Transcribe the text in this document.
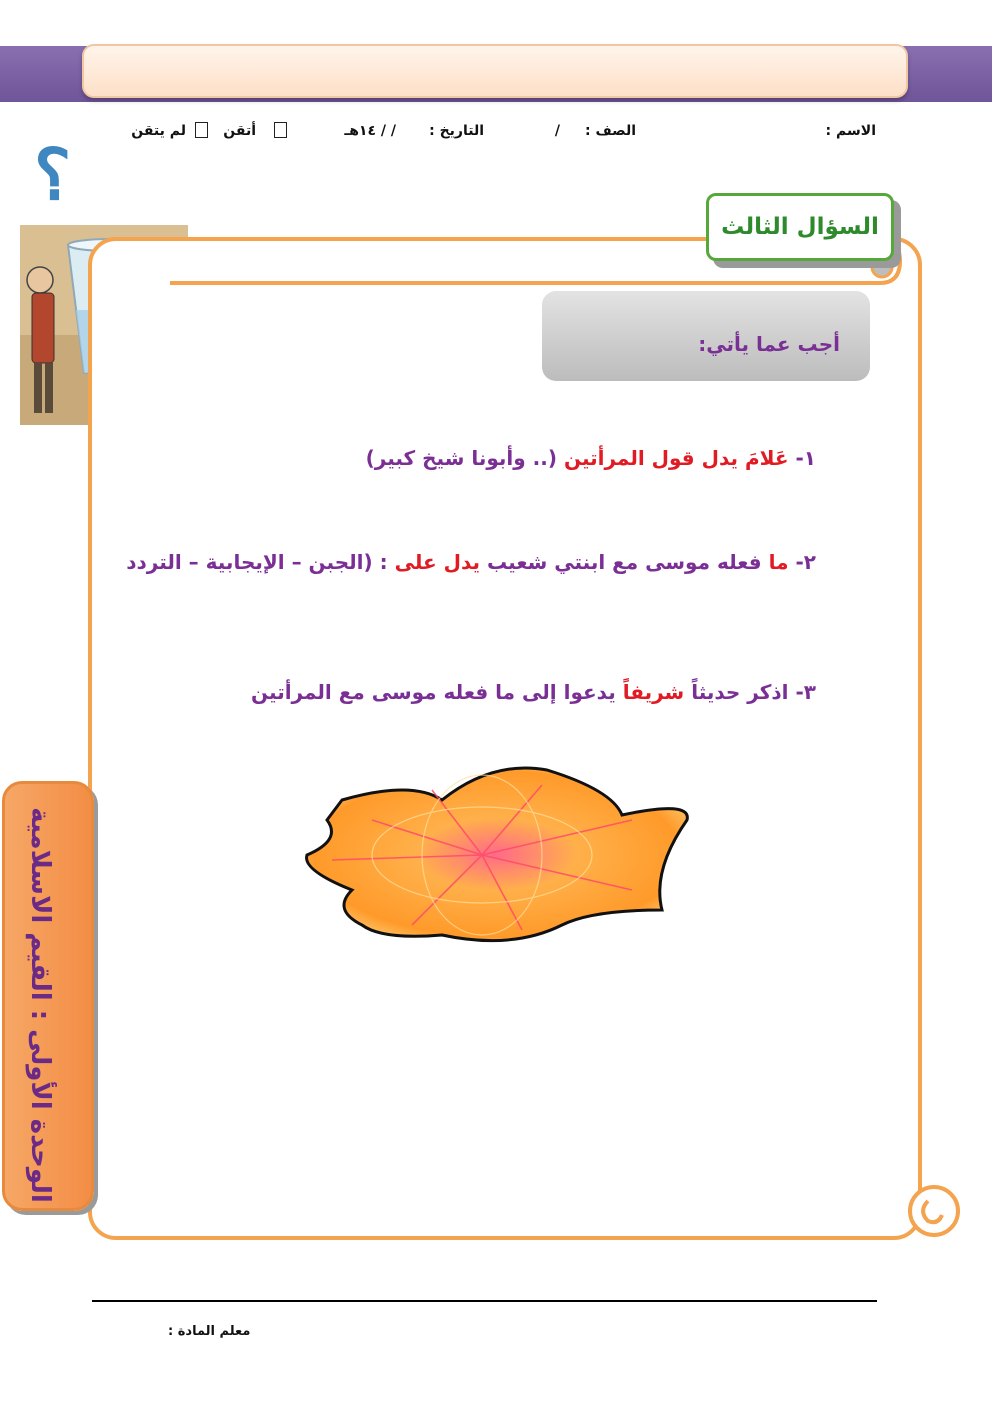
الاسم :
الصف :
/
التاريخ :
/ / ١٤هـ
أتقن
لم يتقن
؟
السؤال الثالث
أجب عما يأتي:
١- عَلامَ يدل قول المرأتين (.. وأبونا شيخ كبير)
٢- ما فعله موسى مع ابنتي شعيب يدل على : (الجبن – الإيجابية – التردد
٣- اذكر حديثاً شريفاً يدعوا إلى ما فعله موسى مع المرأتين
الوحدة الأولى : القيم الاسلامية
معلم المادة :
